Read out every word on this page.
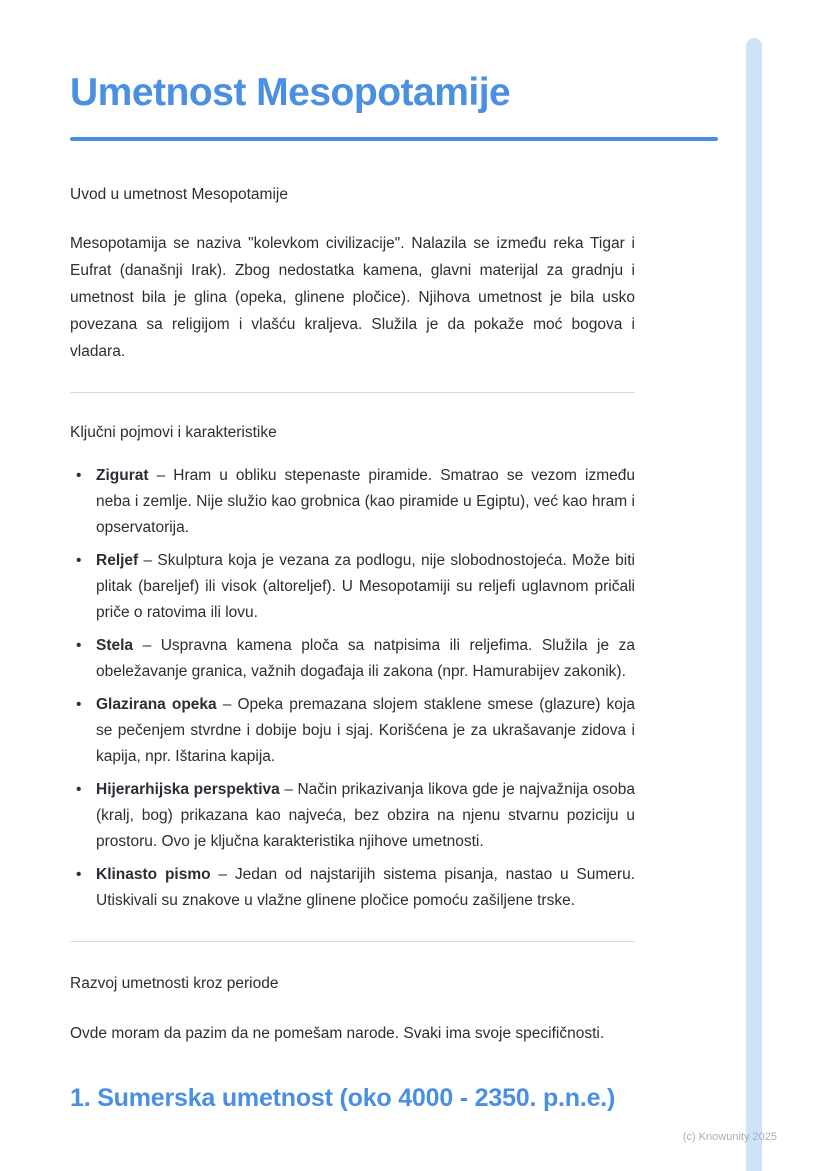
Umetnost Mesopotamije

Uvod u umetnost Mesopotamije

Mesopotamija se naziva "kolevkom civilizacije". Nalazila se između reka Tigar i Eufrat (današnji Irak). Zbog nedostatka kamena, glavni materijal za gradnju i umetnost bila je glina (opeka, glinene pločice). Njihova umetnost je bila usko povezana sa religijom i vlašću kraljeva. Služila je da pokaže moć bogova i vladara.

Ključni pojmovi i karakteristike

• Zigurat – Hram u obliku stepenaste piramide. Smatrao se vezom između neba i zemlje. Nije služio kao grobnica (kao piramide u Egiptu), već kao hram i opservatorija.
• Reljef – Skulptura koja je vezana za podlogu, nije slobodnostojeća. Može biti plitak (bareljef) ili visok (altoreljef). U Mesopotamiji su reljefi uglavnom pričali priče o ratovima ili lovu.
• Stela – Uspravna kamena ploča sa natpisima ili reljefima. Služila je za obeležavanje granica, važnih događaja ili zakona (npr. Hamurabijev zakonik).
• Glazirana opeka – Opeka premazana slojem staklene smese (glazure) koja se pečenjem stvrdne i dobije boju i sjaj. Korišćena je za ukrašavanje zidova i kapija, npr. Ištarina kapija.
• Hijerarhijska perspektiva – Način prikazivanja likova gde je najvažnija osoba (kralj, bog) prikazana kao najveća, bez obzira na njenu stvarnu poziciju u prostoru. Ovo je ključna karakteristika njihove umetnosti.
• Klinasto pismo – Jedan od najstarijih sistema pisanja, nastao u Sumeru. Utiskivali su znakove u vlažne glinene pločice pomoću zašiljene trske.

Razvoj umetnosti kroz periode

Ovde moram da pazim da ne pomešam narode. Svaki ima svoje specifičnosti.

1. Sumerska umetnost (oko 4000 - 2350. p.n.e.)
(c) Knowunity 2025
